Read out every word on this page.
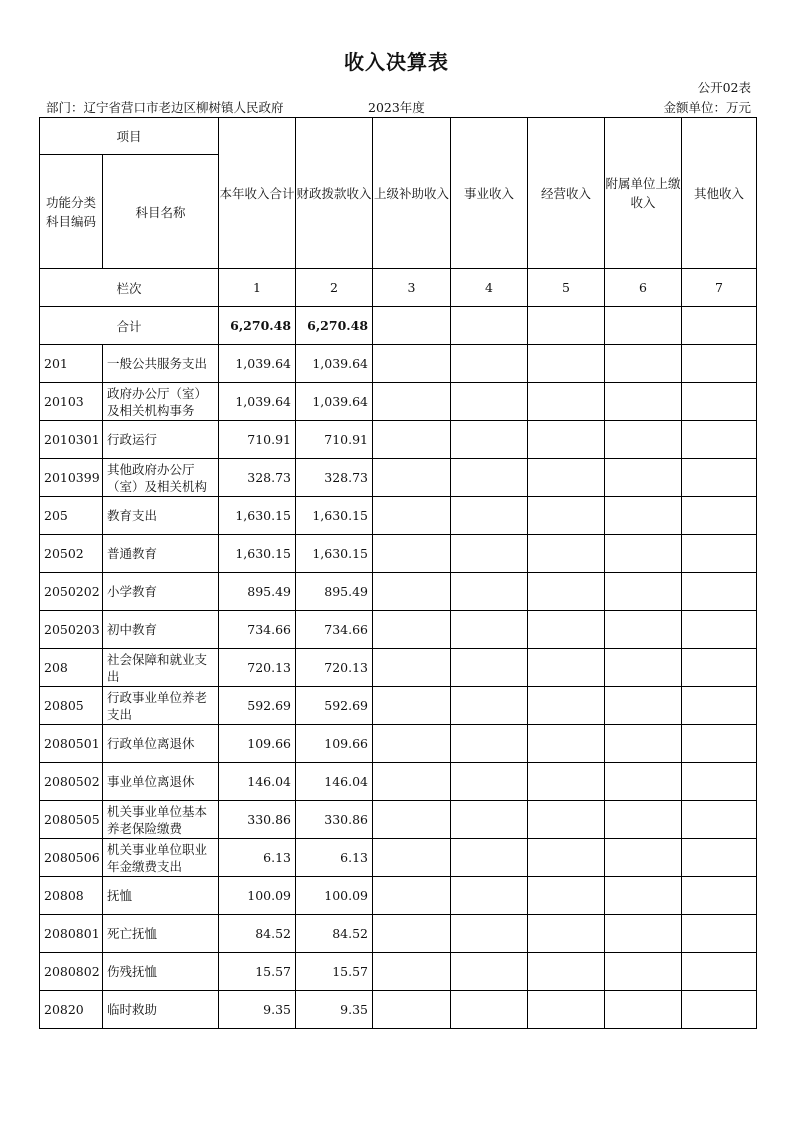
收入决算表
公开02表
部门：辽宁省营口市老边区柳树镇人民政府	2023年度	金额单位：万元
项目		本年收入合计	财政拨款收入	上级补助收入	事业收入	经营收入	附属单位上缴收入	其他收入
功能分类科目编码	科目名称							
栏次		1	2	3	4	5	6	7
合计		6,270.48	6,270.48					
201	一般公共服务支出	1,039.64	1,039.64					
20103	政府办公厅（室）及相关机构事务	1,039.64	1,039.64					
2010301	行政运行	710.91	710.91					
2010399	其他政府办公厅（室）及相关机构	328.73	328.73					
205	教育支出	1,630.15	1,630.15					
20502	普通教育	1,630.15	1,630.15					
2050202	小学教育	895.49	895.49					
2050203	初中教育	734.66	734.66					
208	社会保障和就业支出	720.13	720.13					
20805	行政事业单位养老支出	592.69	592.69					
2080501	行政单位离退休	109.66	109.66					
2080502	事业单位离退休	146.04	146.04					
2080505	机关事业单位基本养老保险缴费	330.86	330.86					
2080506	机关事业单位职业年金缴费支出	6.13	6.13					
20808	抚恤	100.09	100.09					
2080801	死亡抚恤	84.52	84.52					
2080802	伤残抚恤	15.57	15.57					
20820	临时救助	9.35	9.35					
